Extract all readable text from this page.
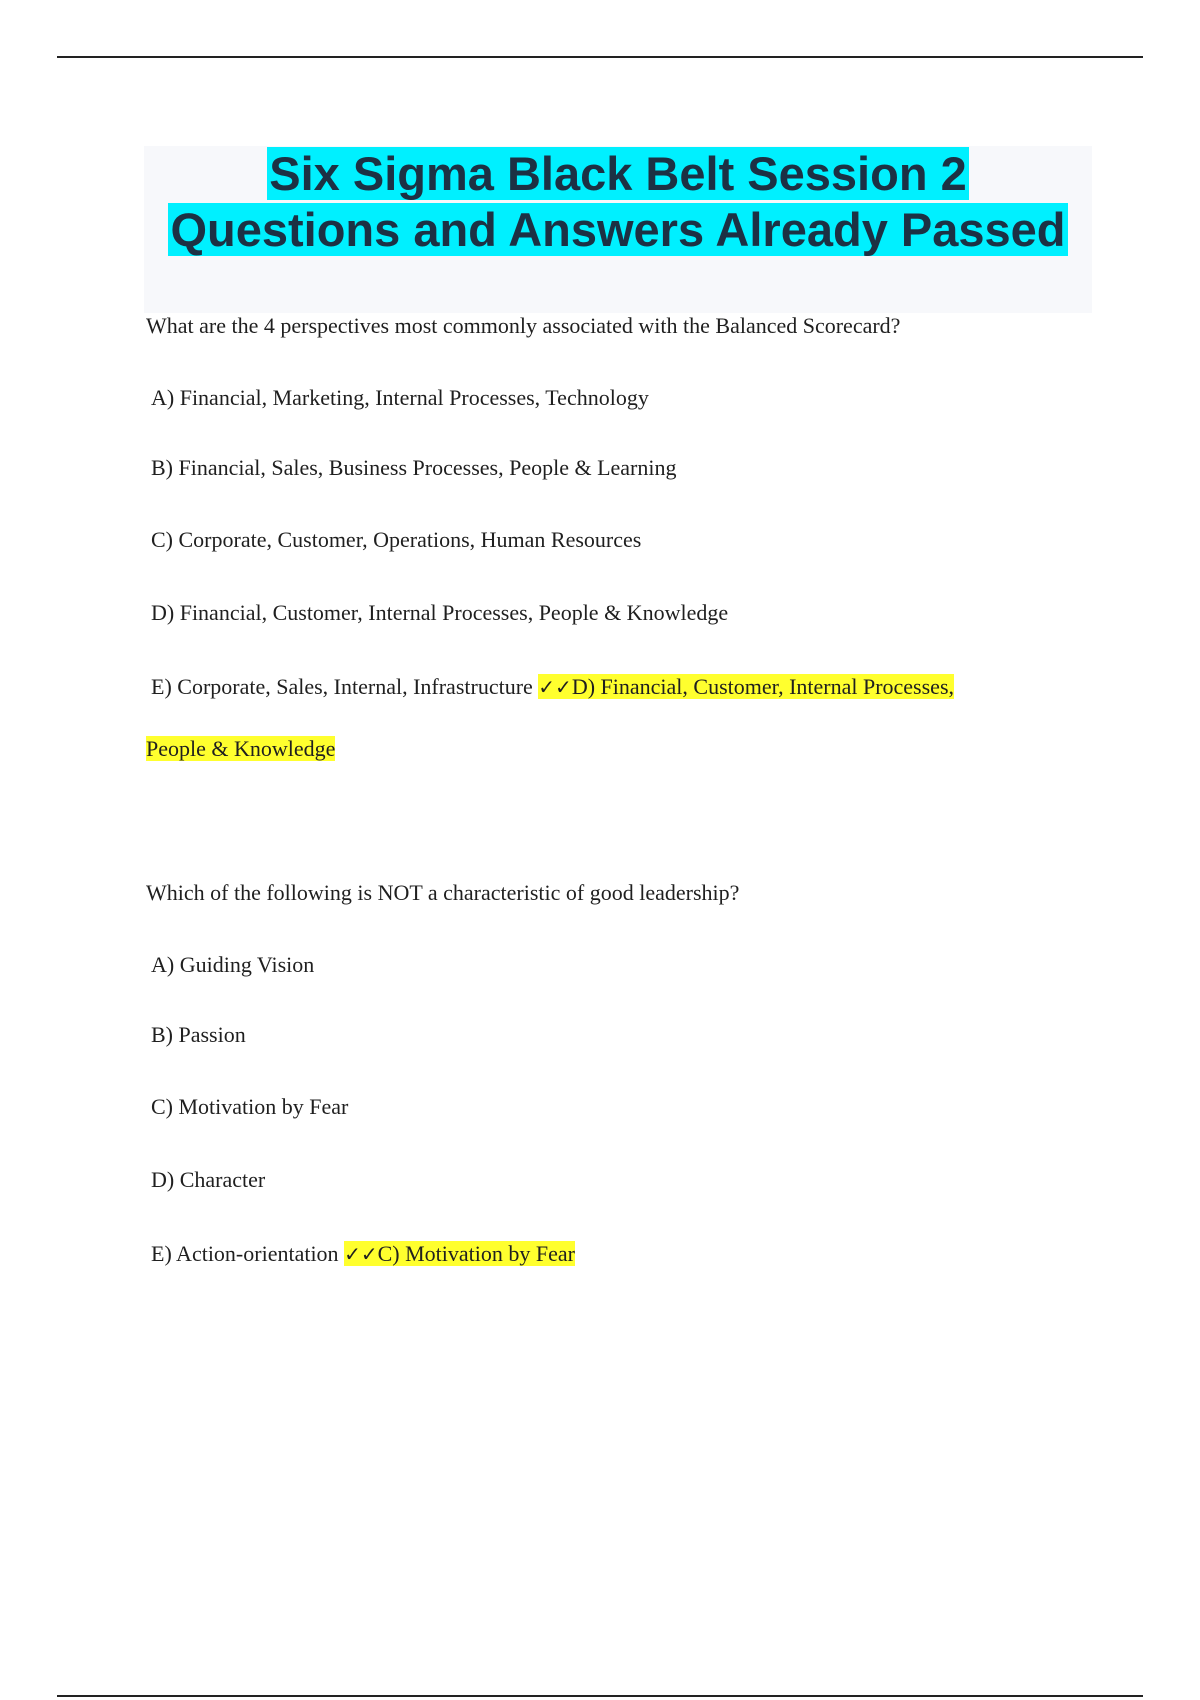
Six Sigma Black Belt Session 2
Questions and Answers Already Passed

What are the 4 perspectives most commonly associated with the Balanced Scorecard?

A) Financial, Marketing, Internal Processes, Technology

B) Financial, Sales, Business Processes, People & Learning

C) Corporate, Customer, Operations, Human Resources

D) Financial, Customer, Internal Processes, People & Knowledge

E) Corporate, Sales, Internal, Infrastructure ✓✓D) Financial, Customer, Internal Processes,

People & Knowledge

Which of the following is NOT a characteristic of good leadership?

A) Guiding Vision

B) Passion

C) Motivation by Fear

D) Character

E) Action-orientation ✓✓C) Motivation by Fear
